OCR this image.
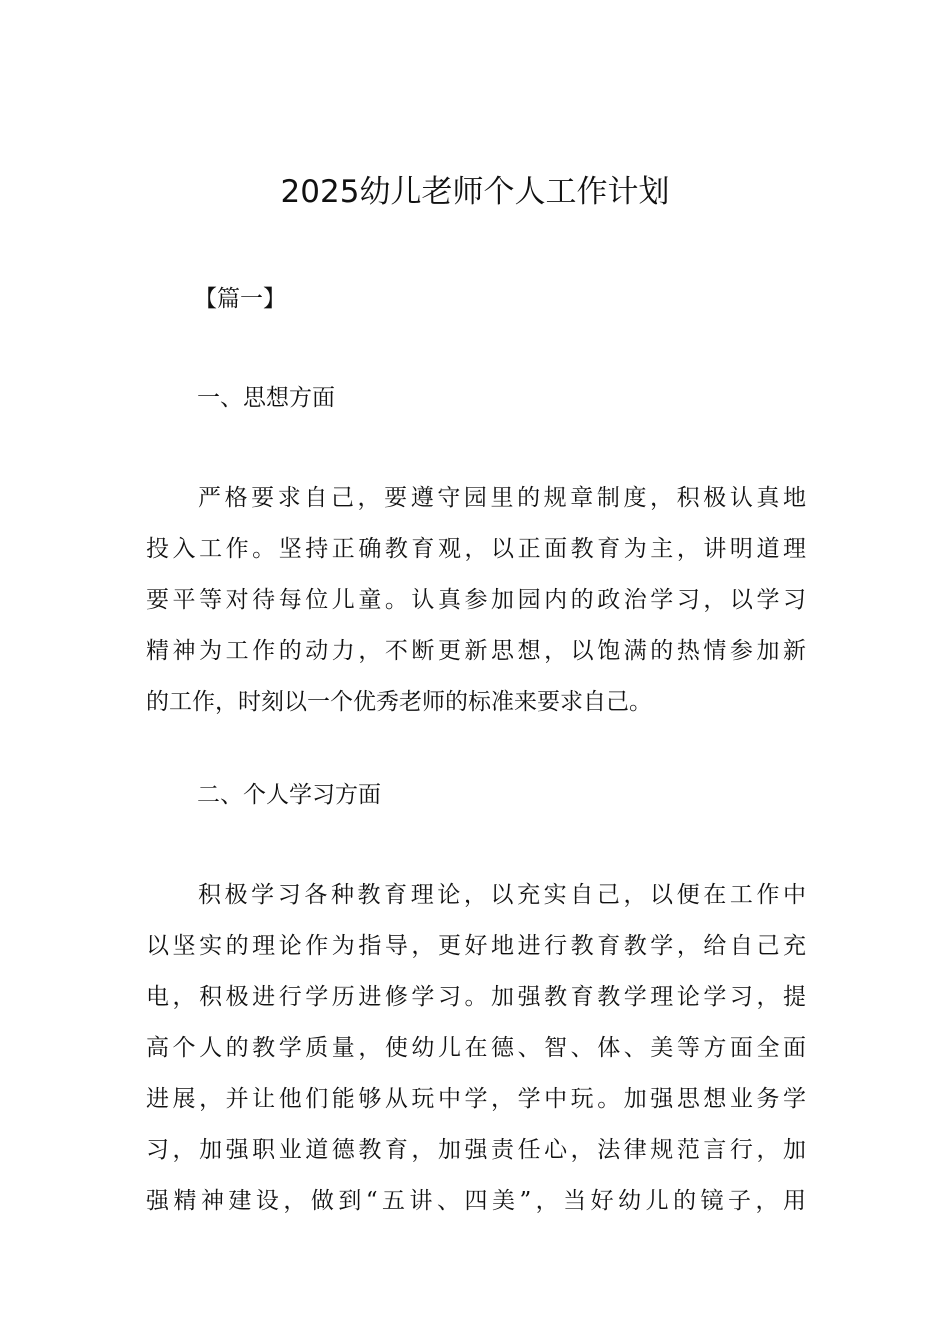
2025幼儿老师个人工作计划
【篇一】
一、思想方面
严格要求自己，要遵守园里的规章制度，积极认真地
投入工作。坚持正确教育观，以正面教育为主，讲明道理
要平等对待每位儿童。认真参加园内的政治学习，以学习
精神为工作的动力，不断更新思想，以饱满的热情参加新
的工作，时刻以一个优秀老师的标准来要求自己。
二、个人学习方面
积极学习各种教育理论，以充实自己，以便在工作中
以坚实的理论作为指导，更好地进行教育教学，给自己充
电，积极进行学历进修学习。加强教育教学理论学习，提
高个人的教学质量，使幼儿在德、智、体、美等方面全面
进展，并让他们能够从玩中学，学中玩。加强思想业务学
习，加强职业道德教育，加强责任心，法律规范言行，加
强精神建设，做到“五讲、四美”，当好幼儿的镜子，用
